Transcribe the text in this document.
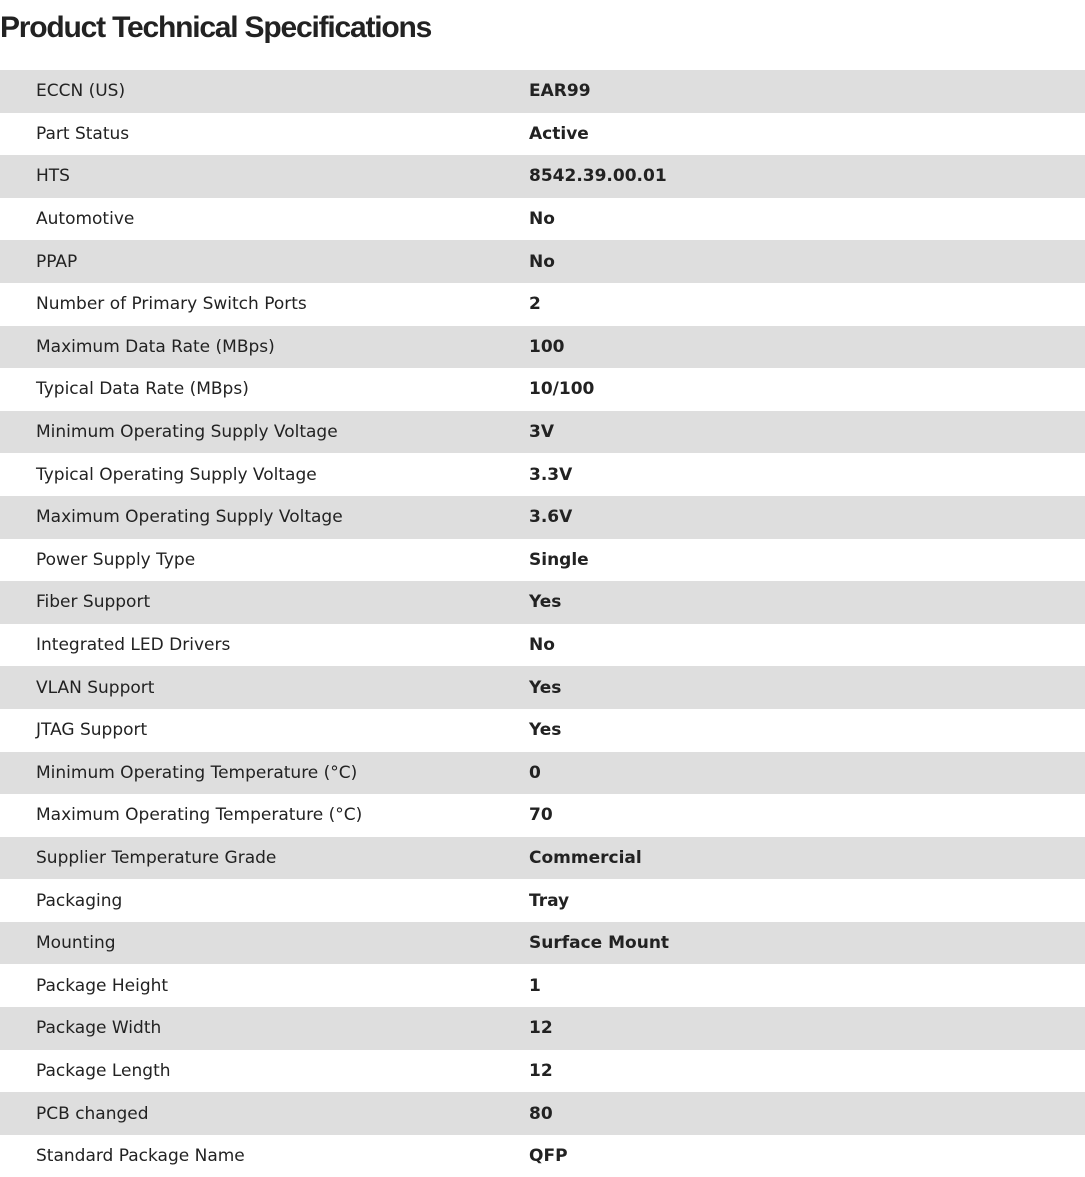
Product Technical Specifications
ECCN (US)	EAR99
Part Status	Active
HTS	8542.39.00.01
Automotive	No
PPAP	No
Number of Primary Switch Ports	2
Maximum Data Rate (MBps)	100
Typical Data Rate (MBps)	10/100
Minimum Operating Supply Voltage	3V
Typical Operating Supply Voltage	3.3V
Maximum Operating Supply Voltage	3.6V
Power Supply Type	Single
Fiber Support	Yes
Integrated LED Drivers	No
VLAN Support	Yes
JTAG Support	Yes
Minimum Operating Temperature (°C)	0
Maximum Operating Temperature (°C)	70
Supplier Temperature Grade	Commercial
Packaging	Tray
Mounting	Surface Mount
Package Height	1
Package Width	12
Package Length	12
PCB changed	80
Standard Package Name	QFP
